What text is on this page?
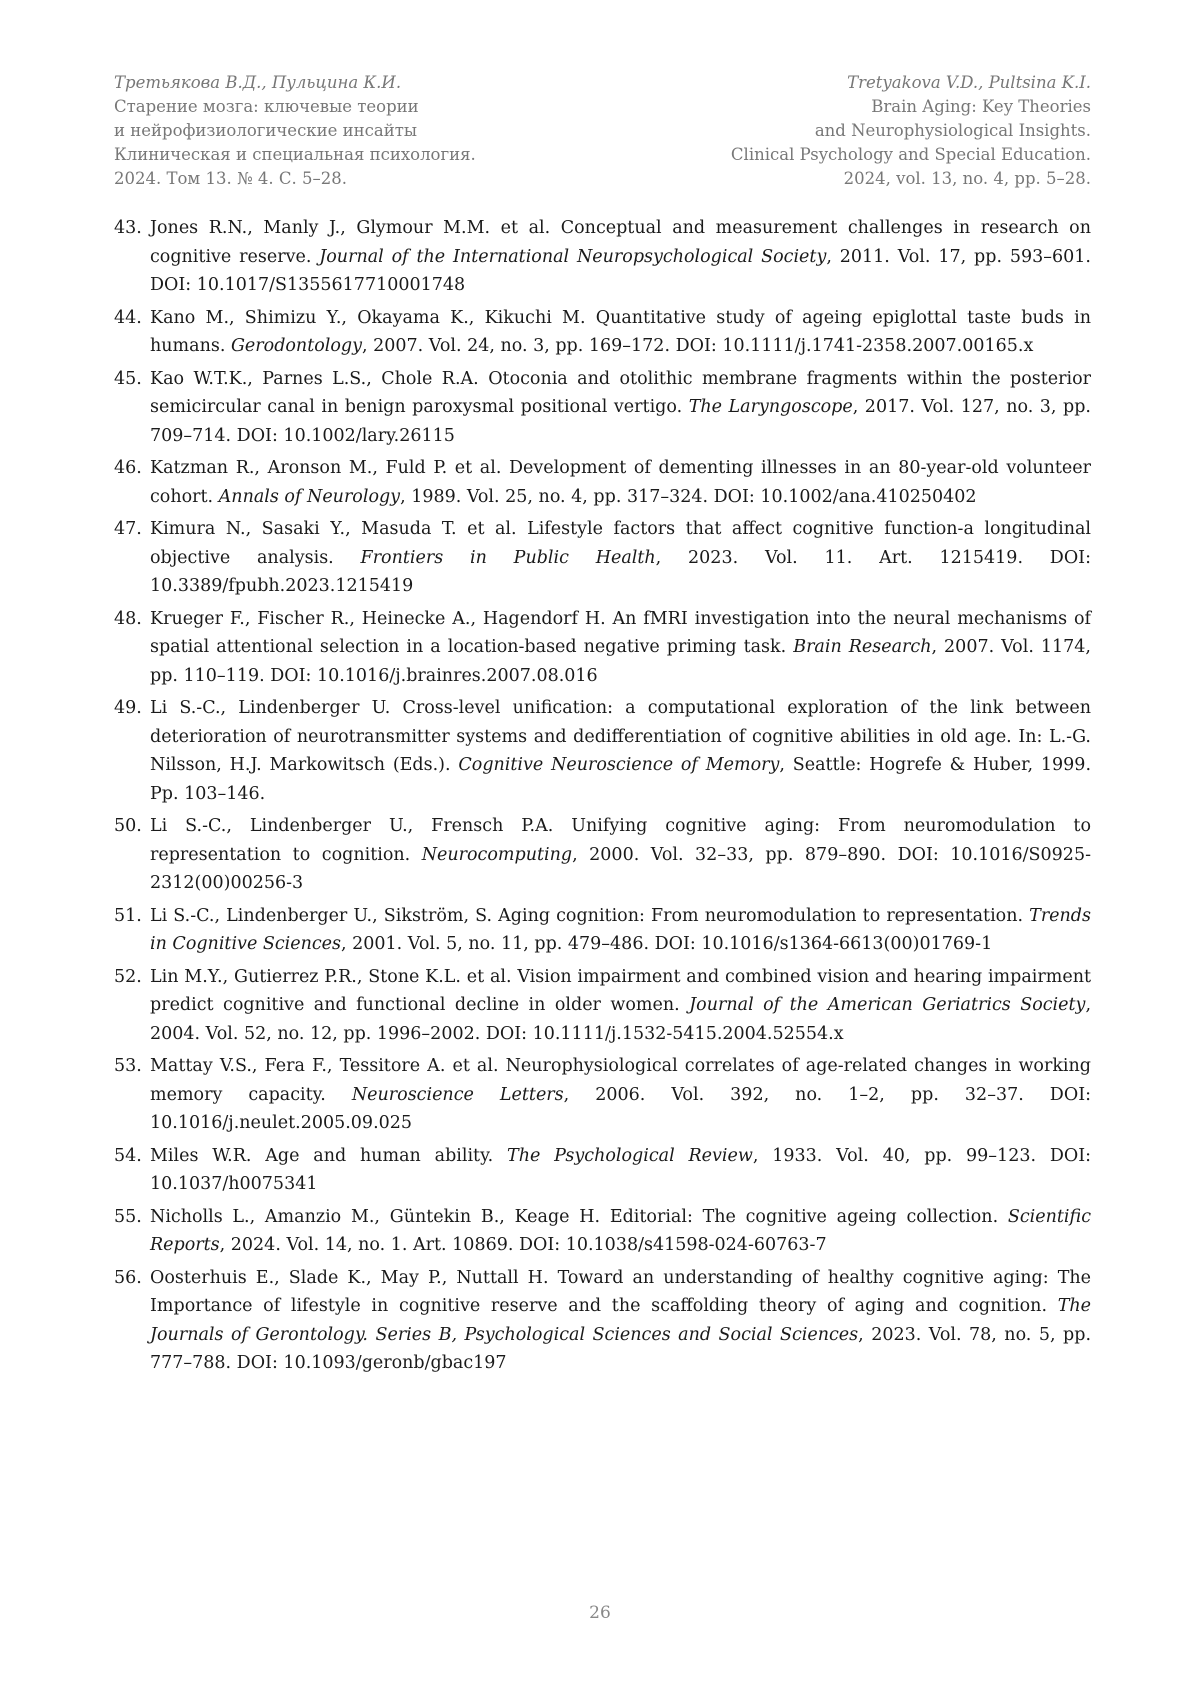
Третьякова В.Д., Пульцина К.И.
Старение мозга: ключевые теории
и нейрофизиологические инсайты
Клиническая и специальная психология.
2024. Том 13. № 4. С. 5–28.
Tretyakova V.D., Pultsina K.I.
Brain Aging: Key Theories
and Neurophysiological Insights.
Clinical Psychology and Special Education.
2024, vol. 13, no. 4, pp. 5–28.
43. Jones R.N., Manly J., Glymour M.M. et al. Conceptual and measurement challenges in research on cognitive reserve. Journal of the International Neuropsychological Society, 2011. Vol. 17, pp. 593–601. DOI: 10.1017/S1355617710001748
44. Kano M., Shimizu Y., Okayama K., Kikuchi M. Quantitative study of ageing epiglottal taste buds in humans. Gerodontology, 2007. Vol. 24, no. 3, pp. 169–172. DOI: 10.1111/j.1741-2358.2007.00165.x
45. Kao W.T.K., Parnes L.S., Chole R.A. Otoconia and otolithic membrane fragments within the posterior semicircular canal in benign paroxysmal positional vertigo. The Laryngoscope, 2017. Vol. 127, no. 3, pp. 709–714. DOI: 10.1002/lary.26115
46. Katzman R., Aronson M., Fuld P. et al. Development of dementing illnesses in an 80-year-old volunteer cohort. Annals of Neurology, 1989. Vol. 25, no. 4, pp. 317–324. DOI: 10.1002/ana.410250402
47. Kimura N., Sasaki Y., Masuda T. et al. Lifestyle factors that affect cognitive function-a longitudinal objective analysis. Frontiers in Public Health, 2023. Vol. 11. Art. 1215419. DOI: 10.3389/fpubh.2023.1215419
48. Krueger F., Fischer R., Heinecke A., Hagendorf H. An fMRI investigation into the neural mechanisms of spatial attentional selection in a location-based negative priming task. Brain Research, 2007. Vol. 1174, pp. 110–119. DOI: 10.1016/j.brainres.2007.08.016
49. Li S.-C., Lindenberger U. Cross-level unification: a computational exploration of the link between deterioration of neurotransmitter systems and dedifferentiation of cognitive abilities in old age. In: L.-G. Nilsson, H.J. Markowitsch (Eds.). Cognitive Neuroscience of Memory, Seattle: Hogrefe & Huber, 1999. Pp. 103–146.
50. Li S.-C., Lindenberger U., Frensch P.A. Unifying cognitive aging: From neuromodulation to representation to cognition. Neurocomputing, 2000. Vol. 32–33, pp. 879–890. DOI: 10.1016/S0925-2312(00)00256-3
51. Li S.-C., Lindenberger U., Sikström, S. Aging cognition: From neuromodulation to representation. Trends in Cognitive Sciences, 2001. Vol. 5, no. 11, pp. 479–486. DOI: 10.1016/s1364-6613(00)01769-1
52. Lin M.Y., Gutierrez P.R., Stone K.L. et al. Vision impairment and combined vision and hearing impairment predict cognitive and functional decline in older women. Journal of the American Geriatrics Society, 2004. Vol. 52, no. 12, pp. 1996–2002. DOI: 10.1111/j.1532-5415.2004.52554.x
53. Mattay V.S., Fera F., Tessitore A. et al. Neurophysiological correlates of age-related changes in working memory capacity. Neuroscience Letters, 2006. Vol. 392, no. 1–2, pp. 32–37. DOI: 10.1016/j.neulet.2005.09.025
54. Miles W.R. Age and human ability. The Psychological Review, 1933. Vol. 40, pp. 99–123. DOI: 10.1037/h0075341
55. Nicholls L., Amanzio M., Güntekin B., Keage H. Editorial: The cognitive ageing collection. Scientific Reports, 2024. Vol. 14, no. 1. Art. 10869. DOI: 10.1038/s41598-024-60763-7
56. Oosterhuis E., Slade K., May P., Nuttall H. Toward an understanding of healthy cognitive aging: The Importance of lifestyle in cognitive reserve and the scaffolding theory of aging and cognition. The Journals of Gerontology. Series B, Psychological Sciences and Social Sciences, 2023. Vol. 78, no. 5, pp. 777–788. DOI: 10.1093/geronb/gbac197
26
